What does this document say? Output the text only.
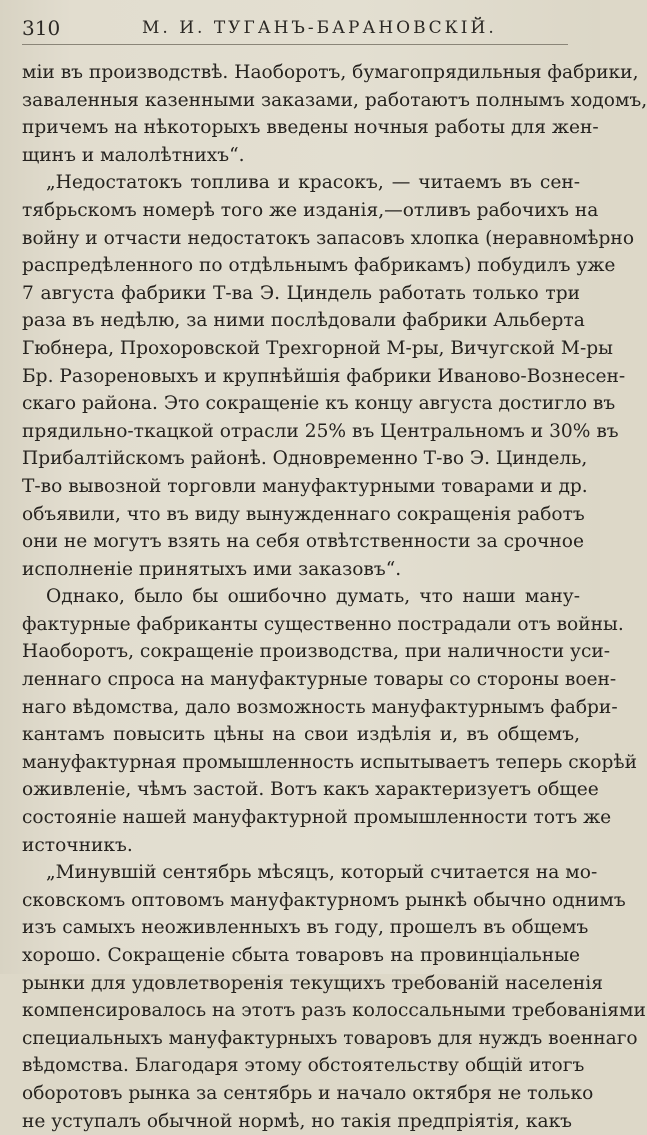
310	М. И. ТУГАНЪ-БАРАНОВСКІЙ.
міи въ производствѣ. Наоборотъ, бумагопрядильныя фабрики,
заваленныя казенными заказами, работаютъ полнымъ ходомъ,
причемъ на нѣкоторыхъ введены ночныя работы для жен-
щинъ и малолѣтнихъ“.
„Недостатокъ топлива и красокъ, — читаемъ въ сен-
тябрьскомъ номерѣ того же изданія,—отливъ рабочихъ на
войну и отчасти недостатокъ запасовъ хлопка (неравномѣрно
распредѣленного по отдѣльнымъ фабрикамъ) побудилъ уже
7 августа фабрики Т-ва Э. Циндель работать только три
раза въ недѣлю, за ними послѣдовали фабрики Альберта
Гюбнера, Прохоровской Трехгорной М-ры, Вичугской М-ры
Бр. Разореновыхъ и крупнѣйшія фабрики Иваново-Вознесен-
скаго района. Это сокращеніе къ концу августа достигло въ
прядильно-ткацкой отрасли 25% въ Центральномъ и 30% въ
Прибалтійскомъ районѣ. Одновременно Т-во Э. Циндель,
Т-во вывозной торговли мануфактурными товарами и др.
объявили, что въ виду вынужденнаго сокращенія работъ
они не могутъ взять на себя отвѣтственности за срочное
исполненіе принятыхъ ими заказовъ“.
Однако, было бы ошибочно думать, что наши ману-
фактурные фабриканты существенно пострадали отъ войны.
Наоборотъ, сокращеніе производства, при наличности уси-
леннаго спроса на мануфактурные товары со стороны воен-
наго вѣдомства, дало возможность мануфактурнымъ фабри-
кантамъ повысить цѣны на свои издѣлія и, въ общемъ,
мануфактурная промышленность испытываетъ теперь скорѣй
оживленіе, чѣмъ застой. Вотъ какъ характеризуетъ общее
состояніе нашей мануфактурной промышленности тотъ же
источникъ.
„Минувшій сентябрь мѣсяцъ, который считается на мо-
сковскомъ оптовомъ мануфактурномъ рынкѣ обычно однимъ
изъ самыхъ неоживленныхъ въ году, прошелъ въ общемъ
хорошо. Сокращеніе сбыта товаровъ на провинціальные
рынки для удовлетворенія текущихъ требованій населенія
компенсировалось на этотъ разъ колоссальными требованіями
специальныхъ мануфактурныхъ товаровъ для нуждъ военнаго
вѣдомства. Благодаря этому обстоятельству общій итогъ
оборотовъ рынка за сентябрь и начало октября не только
не уступалъ обычной нормѣ, но такія предпріятія, какъ
